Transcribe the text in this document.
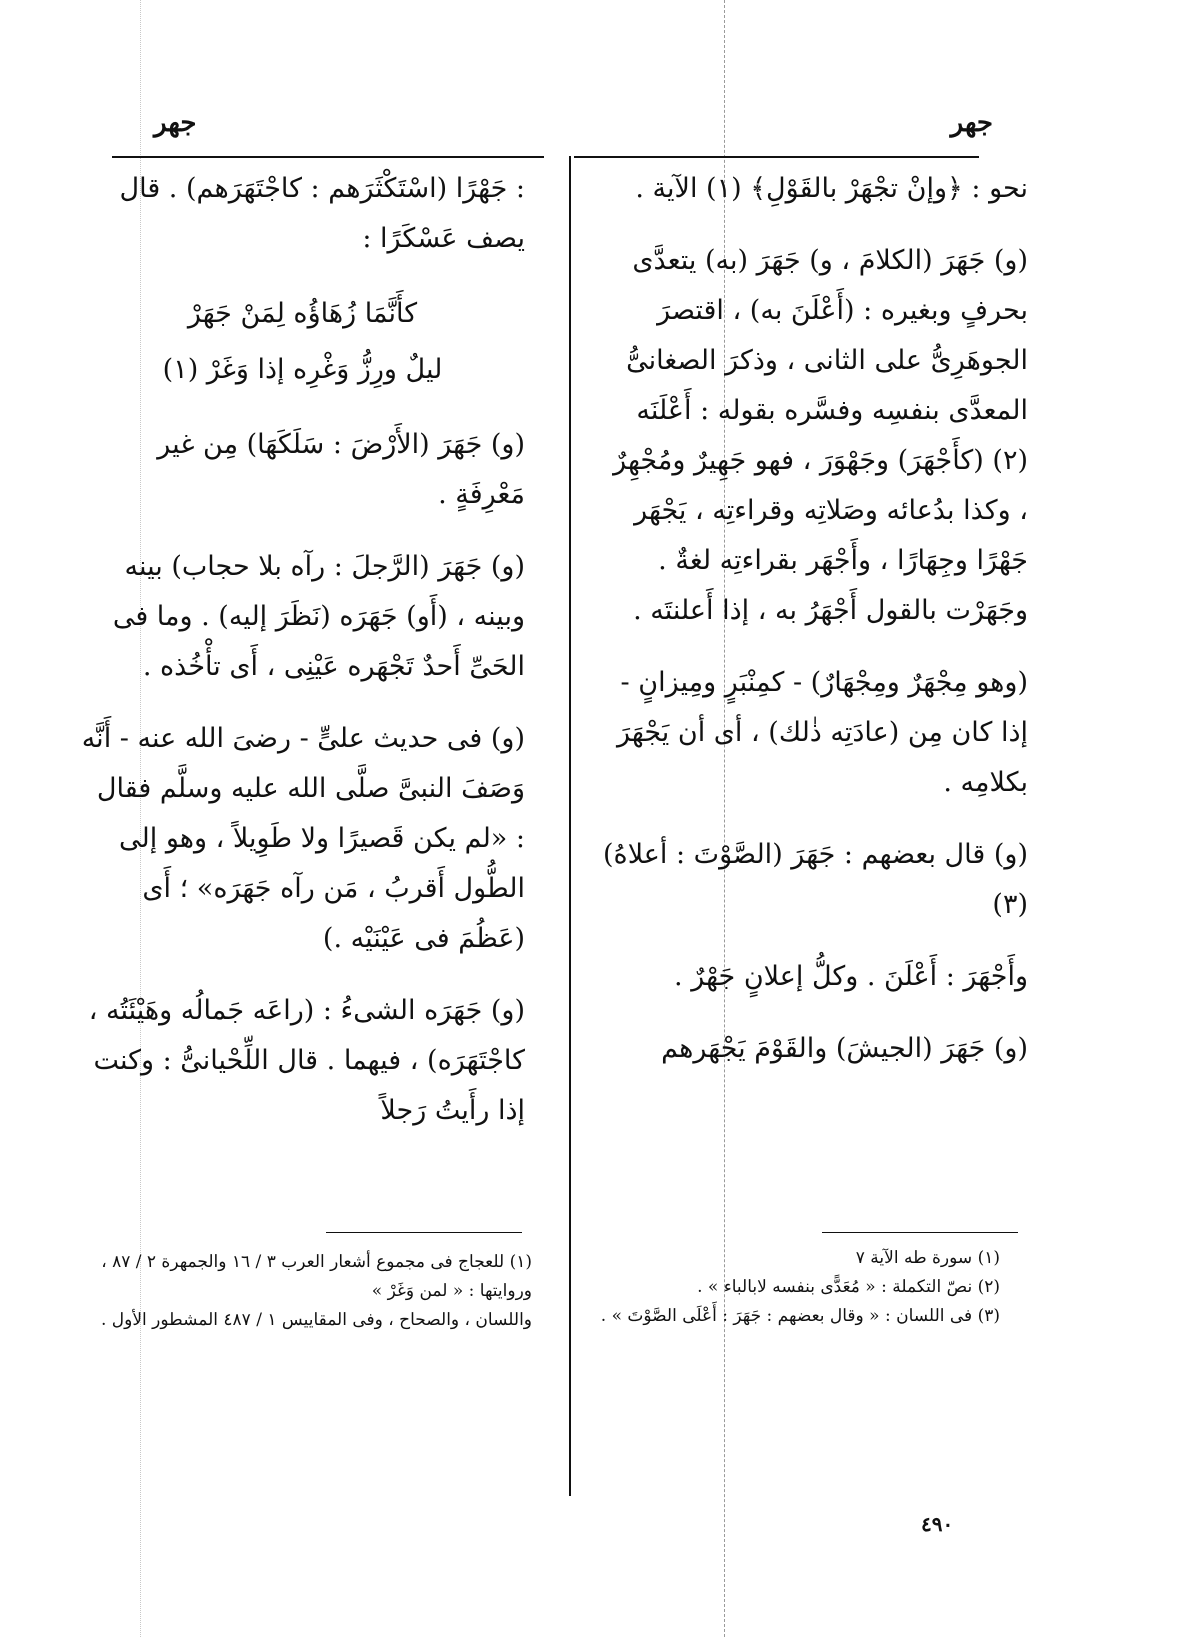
جهر
جهر

نحو : ﴿وإنْ تجْهَرْ بالقَوْلِ﴾ (١) الآية .

(و) جَهَرَ (الكلامَ ، و) جَهَرَ (به) يتعدَّى بحرفٍ وبغيره : (أَعْلَنَ به) ، اقتصرَ الجوهَرِىُّ على الثانى ، وذكرَ الصغانىُّ المعدَّى بنفسِه وفسَّره بقوله : أَعْلَنَه (٢) (كأَجْهَرَ) وجَهْوَرَ ، فهو جَهِيرٌ ومُجْهِرٌ ، وكذا بدُعائه وصَلاتِه وقراءتِه ، يَجْهَر جَهْرًا وجِهَارًا ، وأَجْهَر بقراءتِه لغةٌ . وجَهَرْت بالقول أَجْهَرُ به ، إذا أَعلنتَه .

(وهو مِجْهَرٌ ومِجْهَارٌ) - كمِنْبَرٍ ومِيزانٍ - إذا كان مِن (عادَتِه ذٰلك) ، أى أن يَجْهَرَ بكلامِه .

(و) قال بعضهم : جَهَرَ (الصَّوْتَ : أعلاهُ) (٣)

وأَجْهَرَ : أَعْلَنَ . وكلُّ إعلانٍ جَهْرٌ .

(و) جَهَرَ (الجيشَ) والقَوْمَ يَجْهَرهم

: جَهْرًا (اسْتَكْثَرَهم : كاجْتَهَرَهم) . قال يصف عَسْكَرًا :

كأَنَّمَا زُهَاؤُه لِمَنْ جَهَرْ

ليلٌ ورِزُّ وَغْرِه إذا وَغَرْ (١)

(و) جَهَرَ (الأَرْضَ : سَلَكَهَا) مِن غير مَعْرِفَةٍ .

(و) جَهَرَ (الرَّجلَ : رآه بلا حجاب) بينه وبينه ، (أَو) جَهَرَه (نَظَرَ إليه) . وما فى الحَىِّ أَحدٌ تَجْهَره عَيْنِى ، أَى تأْخُذه .

(و) فى حديث علىٍّ - رضىَ الله عنه - أَنَّه وَصَفَ النبىَّ صلَّى الله عليه وسلَّم فقال : «لم يكن قَصيرًا ولا طَوِيلاً ، وهو إلى الطُّول أَقربُ ، مَن رآه جَهَرَه» ؛ أَى (عَظُمَ فى عَيْنَيْه .)

(و) جَهَرَه الشىءُ : (راعَه جَمالُه وهَيْئَتُه ، كاجْتَهَرَه) ، فيهما . قال اللِّحْيانىُّ : وكنت إذا رأَيتُ رَجلاً

(١) سورة طه الآية ٧

(٢) نصّ التكملة : « مُعَدًّى بنفسه لابالباء » .

(٣) فى اللسان : « وقال بعضهم : جَهَرَ : أَعْلَى الصَّوْتَ » .

(١) للعجاج فى مجموع أشعار العرب ٣ / ١٦ والجمهرة ٢ / ٨٧ ، وروايتها : « لمن وَغَرْ »

واللسان ، والصحاح ، وفى المقاييس ١ / ٤٨٧ المشطور الأول .

٤٩٠
